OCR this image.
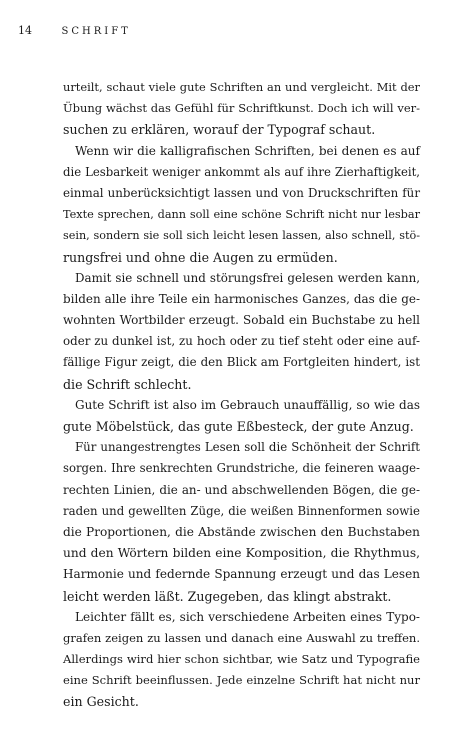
14	SCHRIFT
urteilt, schaut viele gute Schriften an und vergleicht. Mit der
Übung wächst das Gefühl für Schriftkunst. Doch ich will ver-
suchen zu erklären, worauf der Typograf schaut.
Wenn wir die kalligrafischen Schriften, bei denen es auf
die Lesbarkeit weniger ankommt als auf ihre Zierhaftigkeit,
einmal unberücksichtigt lassen und von Druckschriften für
Texte sprechen, dann soll eine schöne Schrift nicht nur lesbar
sein, sondern sie soll sich leicht lesen lassen, also schnell, stö-
rungsfrei und ohne die Augen zu ermüden.
Damit sie schnell und störungsfrei gelesen werden kann,
bilden alle ihre Teile ein harmonisches Ganzes, das die ge-
wohnten Wortbilder erzeugt. Sobald ein Buchstabe zu hell
oder zu dunkel ist, zu hoch oder zu tief steht oder eine auf-
fällige Figur zeigt, die den Blick am Fortgleiten hindert, ist
die Schrift schlecht.
Gute Schrift ist also im Gebrauch unauffällig, so wie das
gute Möbelstück, das gute Eßbesteck, der gute Anzug.
Für unangestrengtes Lesen soll die Schönheit der Schrift
sorgen. Ihre senkrechten Grundstriche, die feineren waage-
rechten Linien, die an- und abschwellenden Bögen, die ge-
raden und gewellten Züge, die weißen Binnenformen sowie
die Proportionen, die Abstände zwischen den Buchstaben
und den Wörtern bilden eine Komposition, die Rhythmus,
Harmonie und federnde Spannung erzeugt und das Lesen
leicht werden läßt. Zugegeben, das klingt abstrakt.
Leichter fällt es, sich verschiedene Arbeiten eines Typo-
grafen zeigen zu lassen und danach eine Auswahl zu treffen.
Allerdings wird hier schon sichtbar, wie Satz und Typografie
eine Schrift beeinflussen. Jede einzelne Schrift hat nicht nur
ein Gesicht.
